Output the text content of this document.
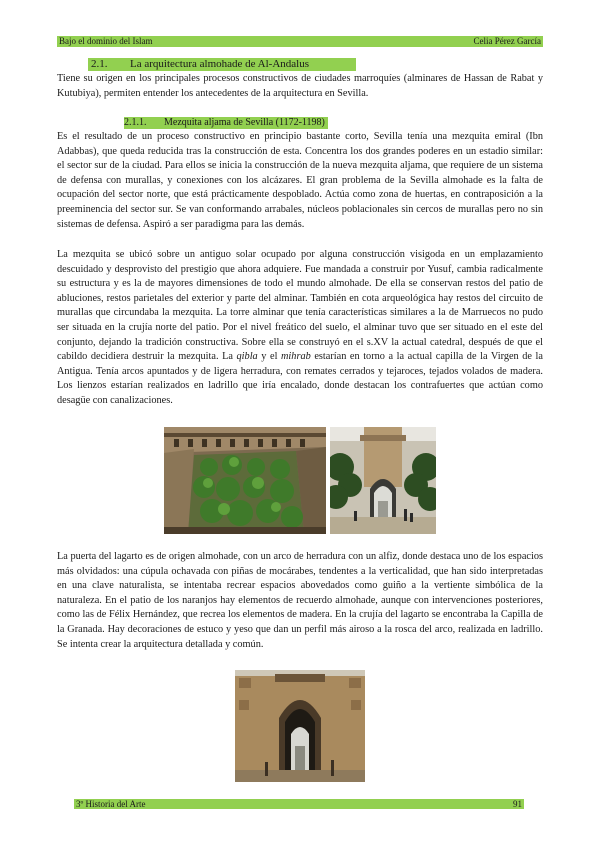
Bajo el dominio del Islam	Celia Pérez García
2.1. La arquitectura almohade de Al-Andalus

Tiene su origen en los principales procesos constructivos de ciudades marroquíes (alminares de Hassan de Rabat y Kutubiya), permiten entender los antecedentes de la arquitectura en Sevilla.

2.1.1. Mezquita aljama de Sevilla (1172-1198)

Es el resultado de un proceso constructivo en principio bastante corto, Sevilla tenía una mezquita emiral (Ibn Adabbas), que queda reducida tras la construcción de esta. Concentra los dos grandes poderes en un estadio similar: el sector sur de la ciudad. Para ellos se inicia la construcción de la nueva mezquita aljama, que requiere de un sistema de defensa con murallas, y conexiones con los alcázares. El gran problema de la Sevilla almohade es la falta de ocupación del sector norte, que está prácticamente despoblado. Actúa como zona de huertas, en contraposición a la preeminencia del sector sur. Se van conformando arrabales, núcleos poblacionales sin cercos de murallas pero no sin sistemas de defensa. Aspiró a ser paradigma para las demás.

La mezquita se ubicó sobre un antiguo solar ocupado por alguna construcción visigoda en un emplazamiento descuidado y desprovisto del prestigio que ahora adquiere. Fue mandada a construir por Yusuf, cambia radicalmente su estructura y es la de mayores dimensiones de todo el mundo almohade. De ella se conservan restos del patio de abluciones, restos parietales del exterior y parte del alminar. También en cota arqueológica hay restos del circuito de murallas que circundaba la mezquita. La torre alminar que tenía características similares a la de Marruecos no pudo ser situada en la crujía norte del patio. Por el nivel freático del suelo, el alminar tuvo que ser situado en el este del conjunto, dejando la tradición constructiva. Sobre ella se construyó en el s.XV la actual catedral, después de que el cabildo decidiera destruir la mezquita. La qibla y el mihrab estarían en torno a la actual capilla de la Virgen de la Antigua. Tenía arcos apuntados y de ligera herradura, con remates cerrados y tejaroces, tejados volados de madera. Los lienzos estarían realizados en ladrillo que iría encalado, donde destacan los contrafuertes que actúan como desagüe con canalizaciones.

La puerta del lagarto es de origen almohade, con un arco de herradura con un alfiz, donde destaca uno de los espacios más olvidados: una cúpula ochavada con piñas de mocárabes, tendentes a la verticalidad, que han sido interpretadas en una clave naturalista, se intentaba recrear espacios abovedados como guiño a la vertiente simbólica de la naturaleza. En el patio de los naranjos hay elementos de recuerdo almohade, aunque con intervenciones posteriores, como las de Félix Hernández, que recrea los elementos de madera. En la crujía del lagarto se encontraba la Capilla de la Granada. Hay decoraciones de estuco y yeso que dan un perfil más airoso a la rosca del arco, realizada en ladrillo. Se intenta crear la arquitectura detallada y común.

3º Historia del Arte	91
